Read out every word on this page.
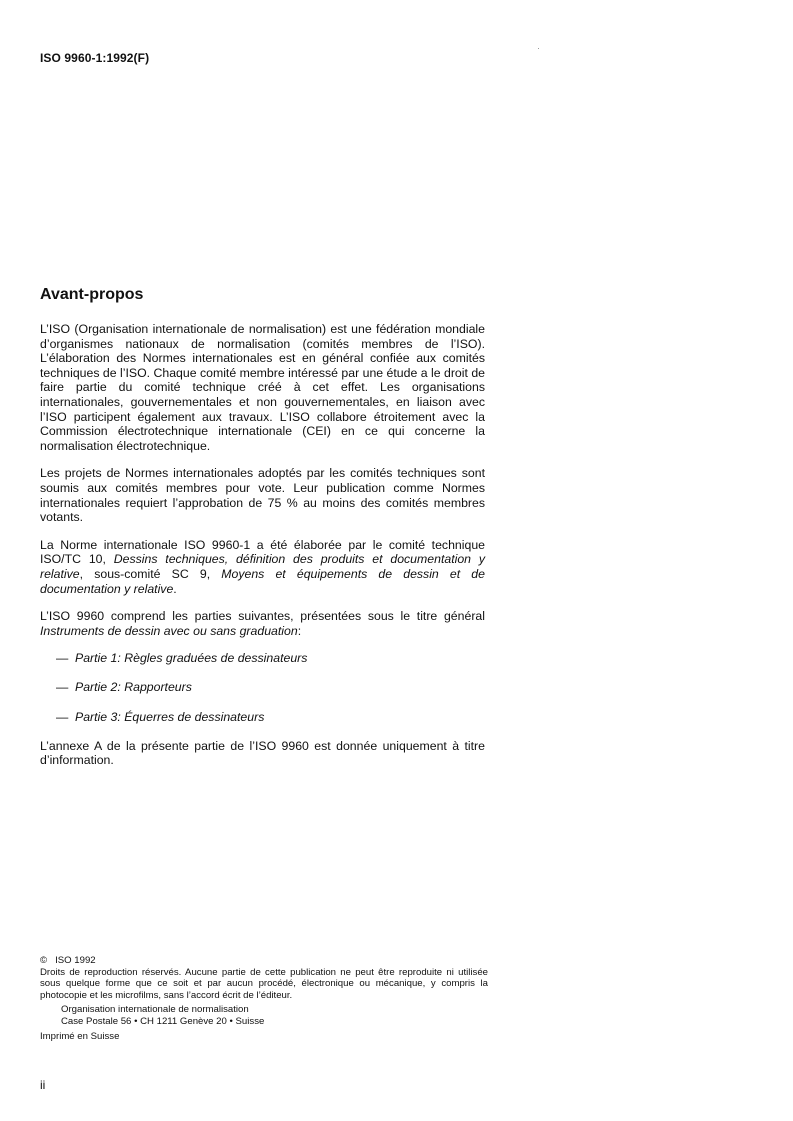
ISO 9960-1:1992(F)
Avant-propos

L’ISO (Organisation internationale de normalisation) est une fédération mondiale d’organismes nationaux de normalisation (comités membres de l’ISO). L’élaboration des Normes internationales est en général confiée aux comités techniques de l’ISO. Chaque comité membre intéressé par une étude a le droit de faire partie du comité technique créé à cet effet. Les organisations internationales, gouvernementales et non gouvernementales, en liaison avec l’ISO participent également aux travaux. L’ISO collabore étroitement avec la Commission électrotechnique internationale (CEI) en ce qui concerne la normalisation électrotechnique.

Les projets de Normes internationales adoptés par les comités techniques sont soumis aux comités membres pour vote. Leur publication comme Normes internationales requiert l’approbation de 75 % au moins des comités membres votants.

La Norme internationale ISO 9960-1 a été élaborée par le comité technique ISO/TC 10, Dessins techniques, définition des produits et documentation y relative, sous-comité SC 9, Moyens et équipements de dessin et de documentation y relative.

L’ISO 9960 comprend les parties suivantes, présentées sous le titre général Instruments de dessin avec ou sans graduation:

— Partie 1: Règles graduées de dessinateurs
— Partie 2: Rapporteurs
— Partie 3: Équerres de dessinateurs

L’annexe A de la présente partie de l’ISO 9960 est donnée uniquement à titre d’information.

© ISO 1992

Droits de reproduction réservés. Aucune partie de cette publication ne peut être reproduite ni utilisée sous quelque forme que ce soit et par aucun procédé, électronique ou mécanique, y compris la photocopie et les microfilms, sans l’accord écrit de l’éditeur.

Organisation internationale de normalisation
Case Postale 56 • CH 1211 Genève 20 • Suisse
Imprimé en Suisse
ii
